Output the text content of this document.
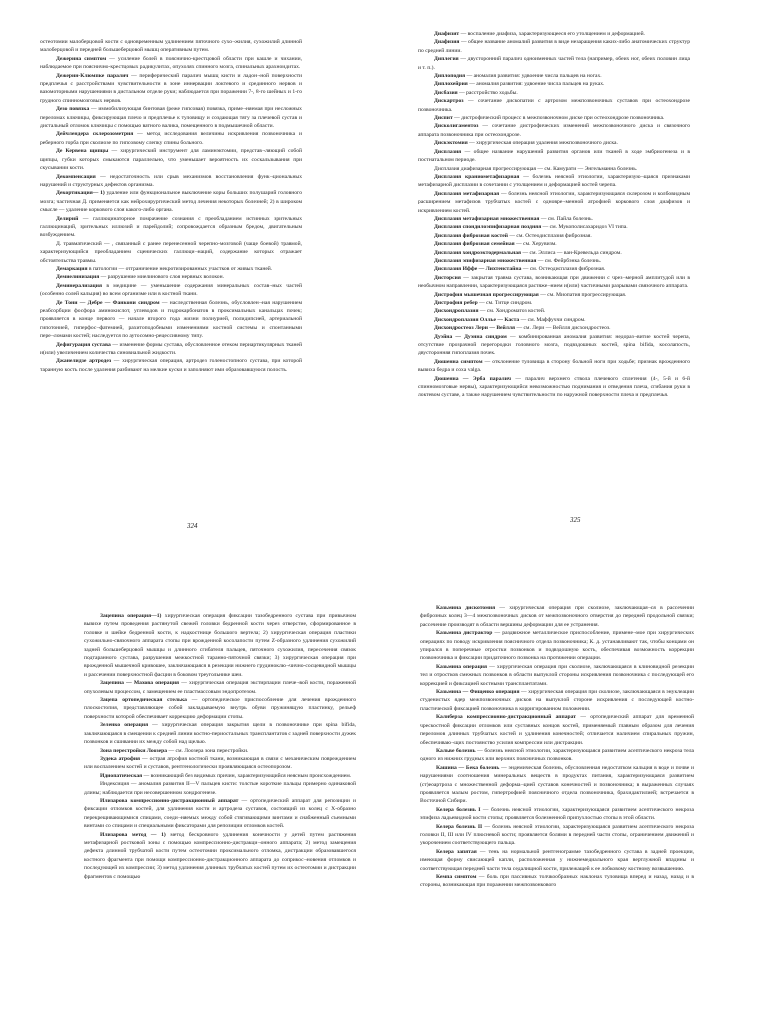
остеотомии малоберцовой кости с одновременным удлинением пяточного сухо¬жилия, сухожилий длинной малоберцовой и передней большеберцовой мышц оперативным путем.

Дежерина симптом — усиление болей в пояснично-крестцовой области при кашле и чихании, наблюдаемое при пояснично-крестцовых радикулитах, опухолях спинного мозга, спинальных арахноидитах.

Дежерин-Клюмпке паралич — периферический паралич мышц кисти и ладон¬ной поверхности предплечья с расстройствами чувствительности в зоне иннервации локтевого и срединного нервов и вазомоторными нарушениями в дистальном отделе руки; наблюдается при поражении 7-, 8-го шейных и 1-го грудного спинномозговых нервов.

Дезо повязка — иммобилизующая бинтовая (реже гипсовая) повязка, приме¬няемая при несложных переломах ключицы, фиксирующая плечо и предплечье к туловищу и создающая тягу за плечевой сустав и дистальный отломок ключицы с помощью ватного валика, помещенного в подмышечной области.

Дейчлендера склерозометрия — метод исследования величины искривления позвоночника и реберного горба при сколиозе по гипсовому слепку спины больного.

Де Кервена щипцы — хирургический инструмент для ламинэктомии, представ¬ляющий собой щипцы, губки которых смыкаются параллельно, что уменьшает вероятность их соскальзывания при скусывании кости.

Декомпенсация — недостаточность или срыв механизмов восстановления функ¬циональных нарушений и структурных дефектов организма.

Декортикация— 1) удаление или функциональное выключение коры больших полушарий головного мозга; частичная Д. применяется как нейрохирургический метод лечения некоторых болезней; 2) в широком смысле — удаление коркового слоя какого-либо органа.

Делирий — галлюцинаторное помрачение сознания с преобладанием истинных зрительных галлюцинаций, зрительных иллюзий и парейдолий; сопровождается образным бредом, двигательным возбуждением.

Д. травматический — , связанный с ранее перенесенной черепно-мозговой (чаще боевой) травмой, характеризующийся преобладанием сценических галлюци¬наций, содержание которых отражает обстоятельства травмы.

Демаркация в патологии — отграничение некротизированных участков от живых тканей.

Демиелинизация — разрушение миелинового слоя нервных волокон.

Деминерализация в медицине — уменьшение содержания минеральных состав¬ных частей (особенно солей кальция) во всем организме или в костной ткани.

Де Тони — Дебре — Фанкони синдром — наследственная болезнь, обусловлен¬ная нарушением реабсорбции фосфора аминокислот, углеводов и гидрокарбонатов в проксимальных канальцах почек; проявляется в конце первого — начале второго года жизни полиурией, полидипсией, артериальной гипотонией, гиперфос¬фатемией, рахитоподобными изменениями костной системы и спонтанными пере¬ломами костей; наследуется по аутосомно-рецессивному типу.

Дефигурация сустава — изменение формы сустава, обусловленное отеком периартикулярных тканей и(или) увеличением количества синовиальной жидкости.

Джанелидзе артродез — хирургическая операция, артродез голеностопного сустава, при которой таранную кость после удаления разбивают на мелкие куски и заполняют ими образовавшуюся полость.

324

Диафизит — воспаление диафиза, характеризующееся его утолщением и деформацией.

Диафизия — общее название аномалий развития в виде незаращения каких-либо анатомических структур по средней линии.

Диплегия — двусторонний паралич одноименных частей тела (например, обеих ног, обеих половин лица и т. п.).

Диплоподия — аномалия развития: удвоение числа пальцев на ногах.

Диплохейрия — аномалия развития: удвоение числа пальцев на руках.

Дисбазия — расстройство ходьбы.

Дискартроз — сочетание дископатии с артрозом межпозвоночных суставов при остеохондрозе позвоночника.

Диспит — дистрофический процесс в межпозвоночном диске при остеохондрозе позвоночника.

Дисколигаментоз — сочетание дистрофических изменений межпозвоночного диска и связочного аппарата позвоночника при остеохондрозе.

Дискэктомия — хирургическая операция удаления межпозвоночного диска.

Дисплазия — общее название нарушений развития органов или тканей в ходе эмбриогенеза и в постнатальном периоде.

Дисплазия диафизарная прогрессирующая — см. Камурати — Энгельманна болезнь.

Дисплазия краниометафизарная — болезнь неясной этиологии, характеризую¬щаяся признаками метафизарной дисплазии в сочетании с утолщением и деформацией костей черепа.

Дисплазия метафизарная — болезнь неясной этиологии, характеризующаяся склерозом и колбовидным расширением метафизов трубчатых костей с одновре¬менной атрофией коркового слоя диафизов и искривлением костей.

Дисплазия метафизарная множественная — см. Пайла болезнь.

Дисплазия спондилоэпифизарная поздняя — см. Мукополисахаридоз VI типа.

Дисплазия фиброзная костей — см. Остеодисплазия фиброзная.

Дисплазия фиброзная семейная — см. Херувизм.

Дисплазия хондроэктодермальная — см. Эллиса — ван-Кревельда синдром.

Дисплазия эпифизарная множественная — см. Фейрбэнка болезнь.

Дисплазия Иффе — Лихтенстайна — см. Остеодисплазия фиброзная.

Дисторсия — закрытая травма сустава, возникающая при движении с чрез¬мерной амплитудой или в необычном направлении, характеризующаяся растяже¬нием и(или) частичными разрывами связочного аппарата.

Дистрофия мышечная прогрессирующая — см. Миопатия прогрессирующая.

Дистрофия ребер — см. Титце синдром.

Дисхондроплазия — см. Хондроматоз костей.

Дисхондроплазия Оллье — Каста — см. Маффуччи синдром.

Дисхондростеоз Лери — Вейлля — см. Лери — Вейлля дисхондростеоз.

Дуэйна — Дуэнна синдром — комбинированная аномалия развития: недораз¬витие костей черепа, отсутствие прозрачной перегородки головного мозга, подвздошных костей, spina bifida, косолапость, двусторонняя гипоплазия почек.

Дюшенна симптом — отклонение туловища в сторону больной ноги при ходьбе; признак врожденного вывиха бедра и coxa valga.

Дюшенна — Эрба паралич — паралич верхнего ствола плечевого сплетения (4-, 5-й и 6-й спинномозговые нервы), характеризующийся невозможностью поднимания и отведения плеча, сгибания руки в локтевом суставе, а также нарушением чувствительности по наружной поверхности плеча и предплечья.

325

Зацепина операция—1) хирургическая операция фиксации тазобедренного сустава при привычном вывихе путем проведения растянутой свежей головки бедренной кости через отверстие, сформированное в головке и шейке бедренной кости, к надкостнице большого вертела; 2) хирургическая операция пластики сухожильно-связочного аппарата стопы при врожденной косолапости путем Z-образного удлинения сухожилий задней большеберцовой мышцы и длинного сгибателя пальцев, пяточного сухожилия, пересечения связок подтаранного сустава, разрушения межкостной таранно-пяточной связки; 3) хирургическая операция при врожденной мышечной кривошее, заключающаяся в резекции нижнего грудиноклю¬чично-сосцевидной мышцы и рассечении поверхностной фасции в боковом треугольнике шеи.

Зацепина — Махова операция — хирургическая операция экстирпации плече¬вой кости, пораженной опухолевым процессом, с замещением ее пластмассовым эндопротезом.

Зацепа ортопедическая стелька — ортопедическое приспособление для лечения врожденного плоскостопия, представляющее собой закладываемую внутрь обуви пружинящую пластинку, рельеф поверхности которой обеспечивает коррекцию деформации стопы.

Зеленко операция — хирургическая операция закрытия щели в позвоночнике при spina bifida, заключающаяся в смещении к средней линии костно-периостальных трансплантатов с задней поверхности дужек позвонков и сшивании их между собой над щелью.

Зона перестройки Лоозера — см. Лоозера зона перестройки.

Зудека атрофия — острая атрофия костной ткани, возникающая в связи с механическим повреждением или воспалением костей и суставов, рентгенологически проявляющаяся остеопорозом.

Идиопатическая — возникающий без видимых причин, характеризующийся неясным происхождением.

Индексиция — аномалия развития II—V пальцев кисти: толстые короткие пальцы примерно одинаковой длины; наблюдается при несовершенном хондрогенезе.

Илизарова компрессионно-дистракционный аппарат — ортопедический аппарат для репозиции и фиксации отломков костей, для удлинения кости и артродеза суставов, состоящий из колец с Х-образно перекрещивающимися спицами, соеди¬няемых между собой стягивающими винтами и снабженный съемными винтами со спицами и специальными фиксаторами для репозиции отломков костей.

Илизарова метод — 1) метод бескровного удлинения конечности у детей путем растяжения метафизарной ростковой зоны с помощью компрессионно-дистракци¬онного аппарата; 2) метод замещения дефекта длинной трубчатой кости путем остеотомии проксимального отломка, дистракции образовавшегося костного фрагмента при помощи компрессионно-дистракционного аппарата до соприкос¬новения отломков и последующей их компрессии; 3) метод удлинения длинных трубчатых костей путем их остеотомии и дистракции фрагментов с помощью

Казьмина дискотомия — хирургическая операция при сколиозе, заключающая¬ся в рассечении фиброзных колец 3—4 межпозвоночных дисков от межпозвоночного отверстия до передней продольной связки; рассечение производят в области вершины деформации для ее устранения.

Казьмина дистрактор — раздвижное металлическое приспособление, примене¬мое при хирургических операциях по поводу искривления поясничного отдела позвоночника; К. д. устанавливают так, чтобы концами он упирался в поперечные отростки позвонков и подвздошную кость, обеспечивая возможность коррекции позвоночника и фиксации придаточного позвонка на протяжении операции.

Казьмина операция — хирургическая операция при сколиозе, заключающаяся в клиновидной резекции тел и отростков смежных позвонков в области выпуклой стороны искривления позвоночника с последующей его коррекцией и фиксацией костными трансплантатами.

Казьмина — Фищенко операция — хирургическая операция при сколиозе, заключающаяся в энуклеации студенистых ядер межпозвоночных дисков на выпуклой стороне искривления с последующей костно-пластической фиксацией позвоночника в корригированном положении.

Калнберза компрессионно-дистракционный аппарат — ортопедический аппарат для временной чрескостной фиксации отломков или суставных концов костей, применяемый главным образом для лечения переломов длинных трубчатых костей и удлинения конечностей; отличается наличием спиральных пружин, обеспечиваю¬щих постоянство усилия компрессии или дистракции.

Кальве болезнь — болезнь неясной этиологии, характеризующаяся развитием асептического некроза тела одного из нижних грудных или верхних поясничных позвонков.

Кашина — Бека болезнь — эндемическая болезнь, обусловленная недостатком кальция в воде и почве и нарушениями соотношения минеральных веществ в продуктах питания, характеризующаяся развитием (ст)еоартроза с множественной деформа¬цией суставов конечностей и позвоночника; в выраженных случаях проявляется малым ростом, гипертрофией поясничного отдела позвоночника, брахидактилией; встречается в Восточной Сибири.

Келера болезнь I — болезнь неясной этиологии, характеризующаяся развитием асептического некроза эпифиза ладьевидной кости стопы; проявляется болезненной припухлостью стопы в этой области.

Келера болезнь II — болезнь неясной этиологии, характеризующаяся развитием асептического некроза головки II, III или IV плюсневой кости; проявляется болями в передней части стопы, ограничением движений и укорочением соответствующего пальца.

Келера запятая — тень на нормальной рентгенограмме тазобедренного сустава в задней проекции, имеющая форму свисающей капли, расположенная у нижнемедиального края вертлужной впадины и соответствующая передней части тела седалищной кости, прилежащей к ее лобковому костному возвышению.

Кемпа симптом — боль при пассивных толчкообразных наклонах туловища вперед и назад, назад и в стороны, возникающая при поражении межпозвонкового
